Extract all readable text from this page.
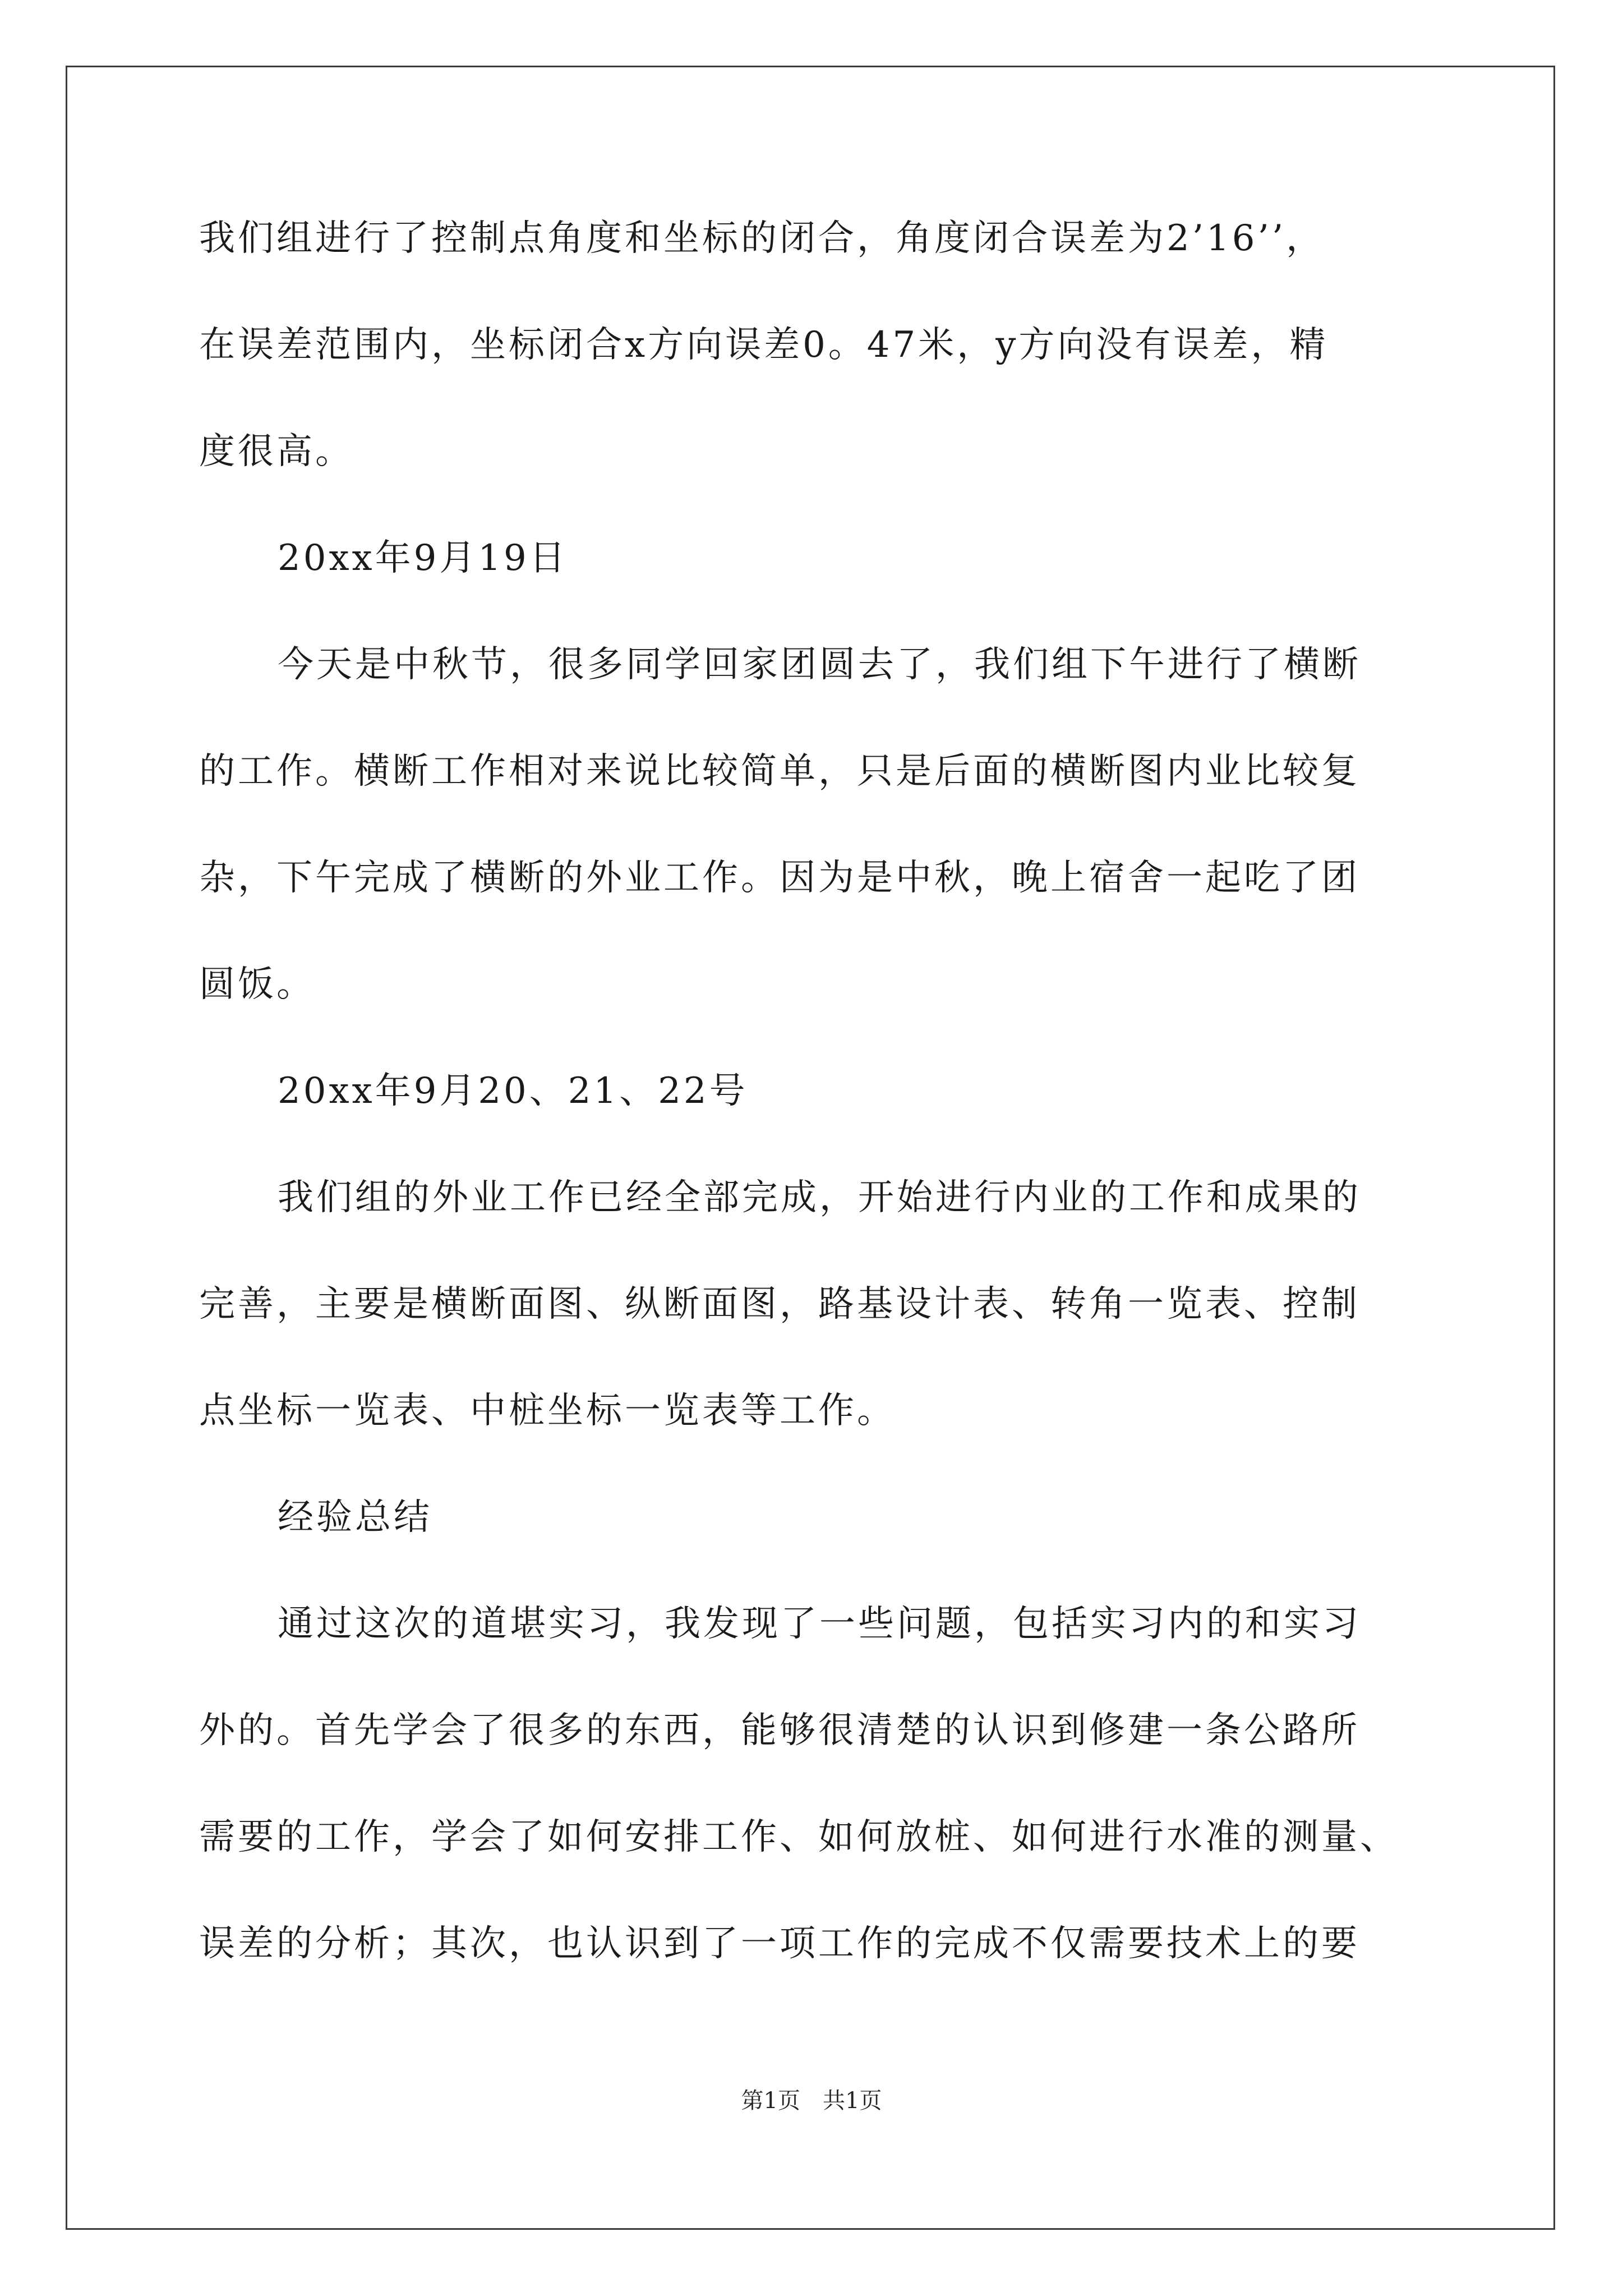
我们组进行了控制点角度和坐标的闭合，角度闭合误差为2’16’’，
在误差范围内，坐标闭合x方向误差0。47米，y方向没有误差，精
度很高。
20xx年9月19日
今天是中秋节，很多同学回家团圆去了，我们组下午进行了横断
的工作。横断工作相对来说比较简单，只是后面的横断图内业比较复
杂，下午完成了横断的外业工作。因为是中秋，晚上宿舍一起吃了团
圆饭。
20xx年9月20、21、22号
我们组的外业工作已经全部完成，开始进行内业的工作和成果的
完善，主要是横断面图、纵断面图，路基设计表、转角一览表、控制
点坐标一览表、中桩坐标一览表等工作。
经验总结
通过这次的道堪实习，我发现了一些问题，包括实习内的和实习
外的。首先学会了很多的东西，能够很清楚的认识到修建一条公路所
需要的工作，学会了如何安排工作、如何放桩、如何进行水准的测量、
误差的分析；其次，也认识到了一项工作的完成不仅需要技术上的要
第1页 共1页
